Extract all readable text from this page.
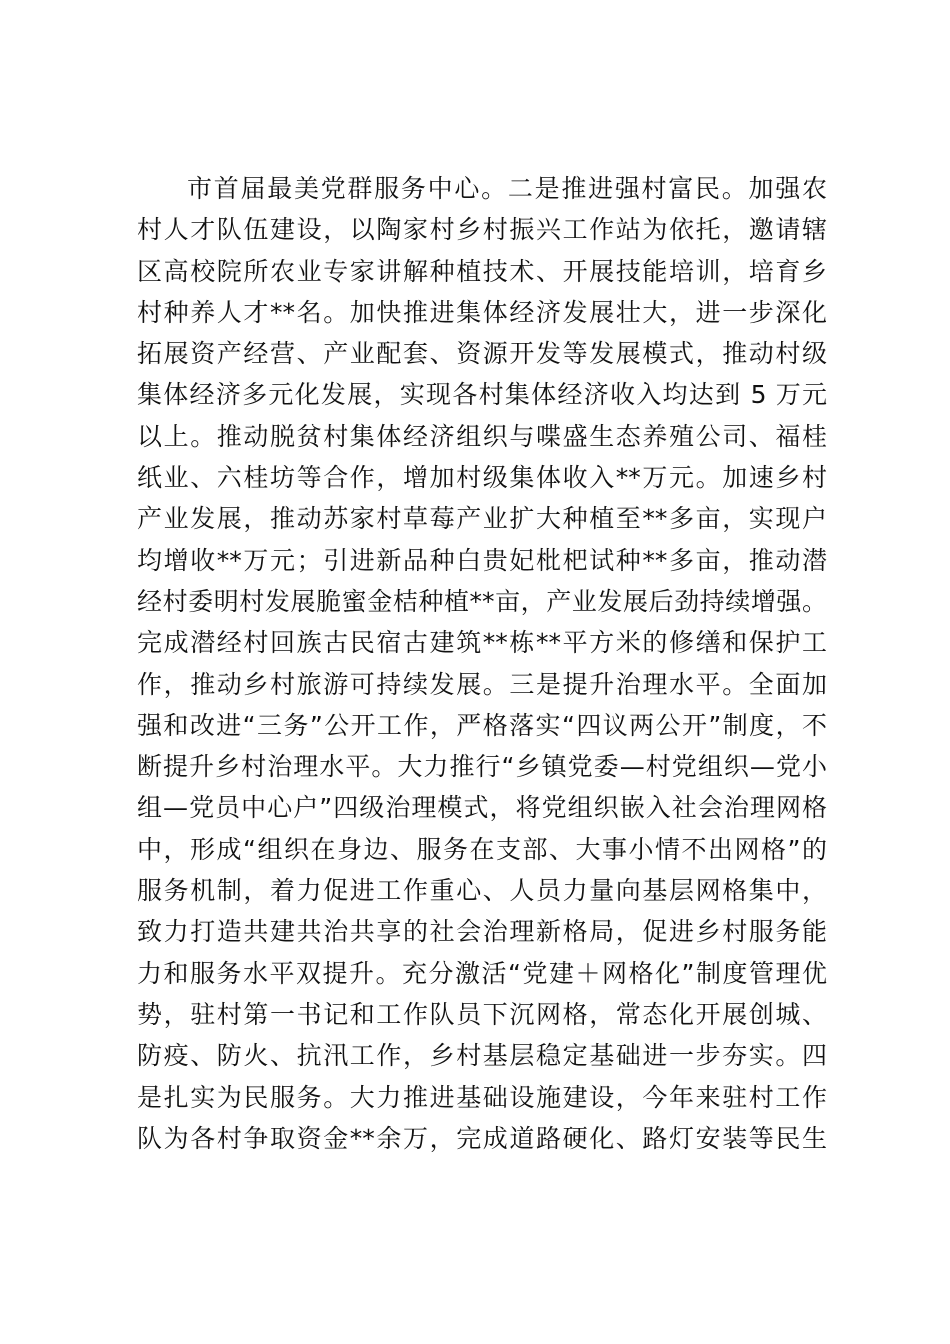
市首届最美党群服务中心。二是推进强村富民。加强农
村人才队伍建设，以陶家村乡村振兴工作站为依托，邀请辖
区高校院所农业专家讲解种植技术、开展技能培训，培育乡
村种养人才**名。加快推进集体经济发展壮大，进一步深化
拓展资产经营、产业配套、资源开发等发展模式，推动村级
集体经济多元化发展，实现各村集体经济收入均达到 5 万元
以上。推动脱贫村集体经济组织与喋盛生态养殖公司、福桂
纸业、六桂坊等合作，增加村级集体收入**万元。加速乡村
产业发展，推动苏家村草莓产业扩大种植至**多亩，实现户
均增收**万元；引进新品种白贵妃枇杷试种**多亩，推动潜
经村委明村发展脆蜜金桔种植**亩，产业发展后劲持续增强。
完成潜经村回族古民宿古建筑**栋**平方米的修缮和保护工
作，推动乡村旅游可持续发展。三是提升治理水平。全面加
强和改进“三务”公开工作，严格落实“四议两公开”制度，不
断提升乡村治理水平。大力推行“乡镇党委—村党组织—党小
组—党员中心户”四级治理模式，将党组织嵌入社会治理网格
中，形成“组织在身边、服务在支部、大事小情不出网格”的
服务机制，着力促进工作重心、人员力量向基层网格集中，
致力打造共建共治共享的社会治理新格局，促进乡村服务能
力和服务水平双提升。充分激活“党建＋网格化”制度管理优
势，驻村第一书记和工作队员下沉网格，常态化开展创城、
防疫、防火、抗汛工作，乡村基层稳定基础进一步夯实。四
是扎实为民服务。大力推进基础设施建设，今年来驻村工作
队为各村争取资金**余万，完成道路硬化、路灯安装等民生
